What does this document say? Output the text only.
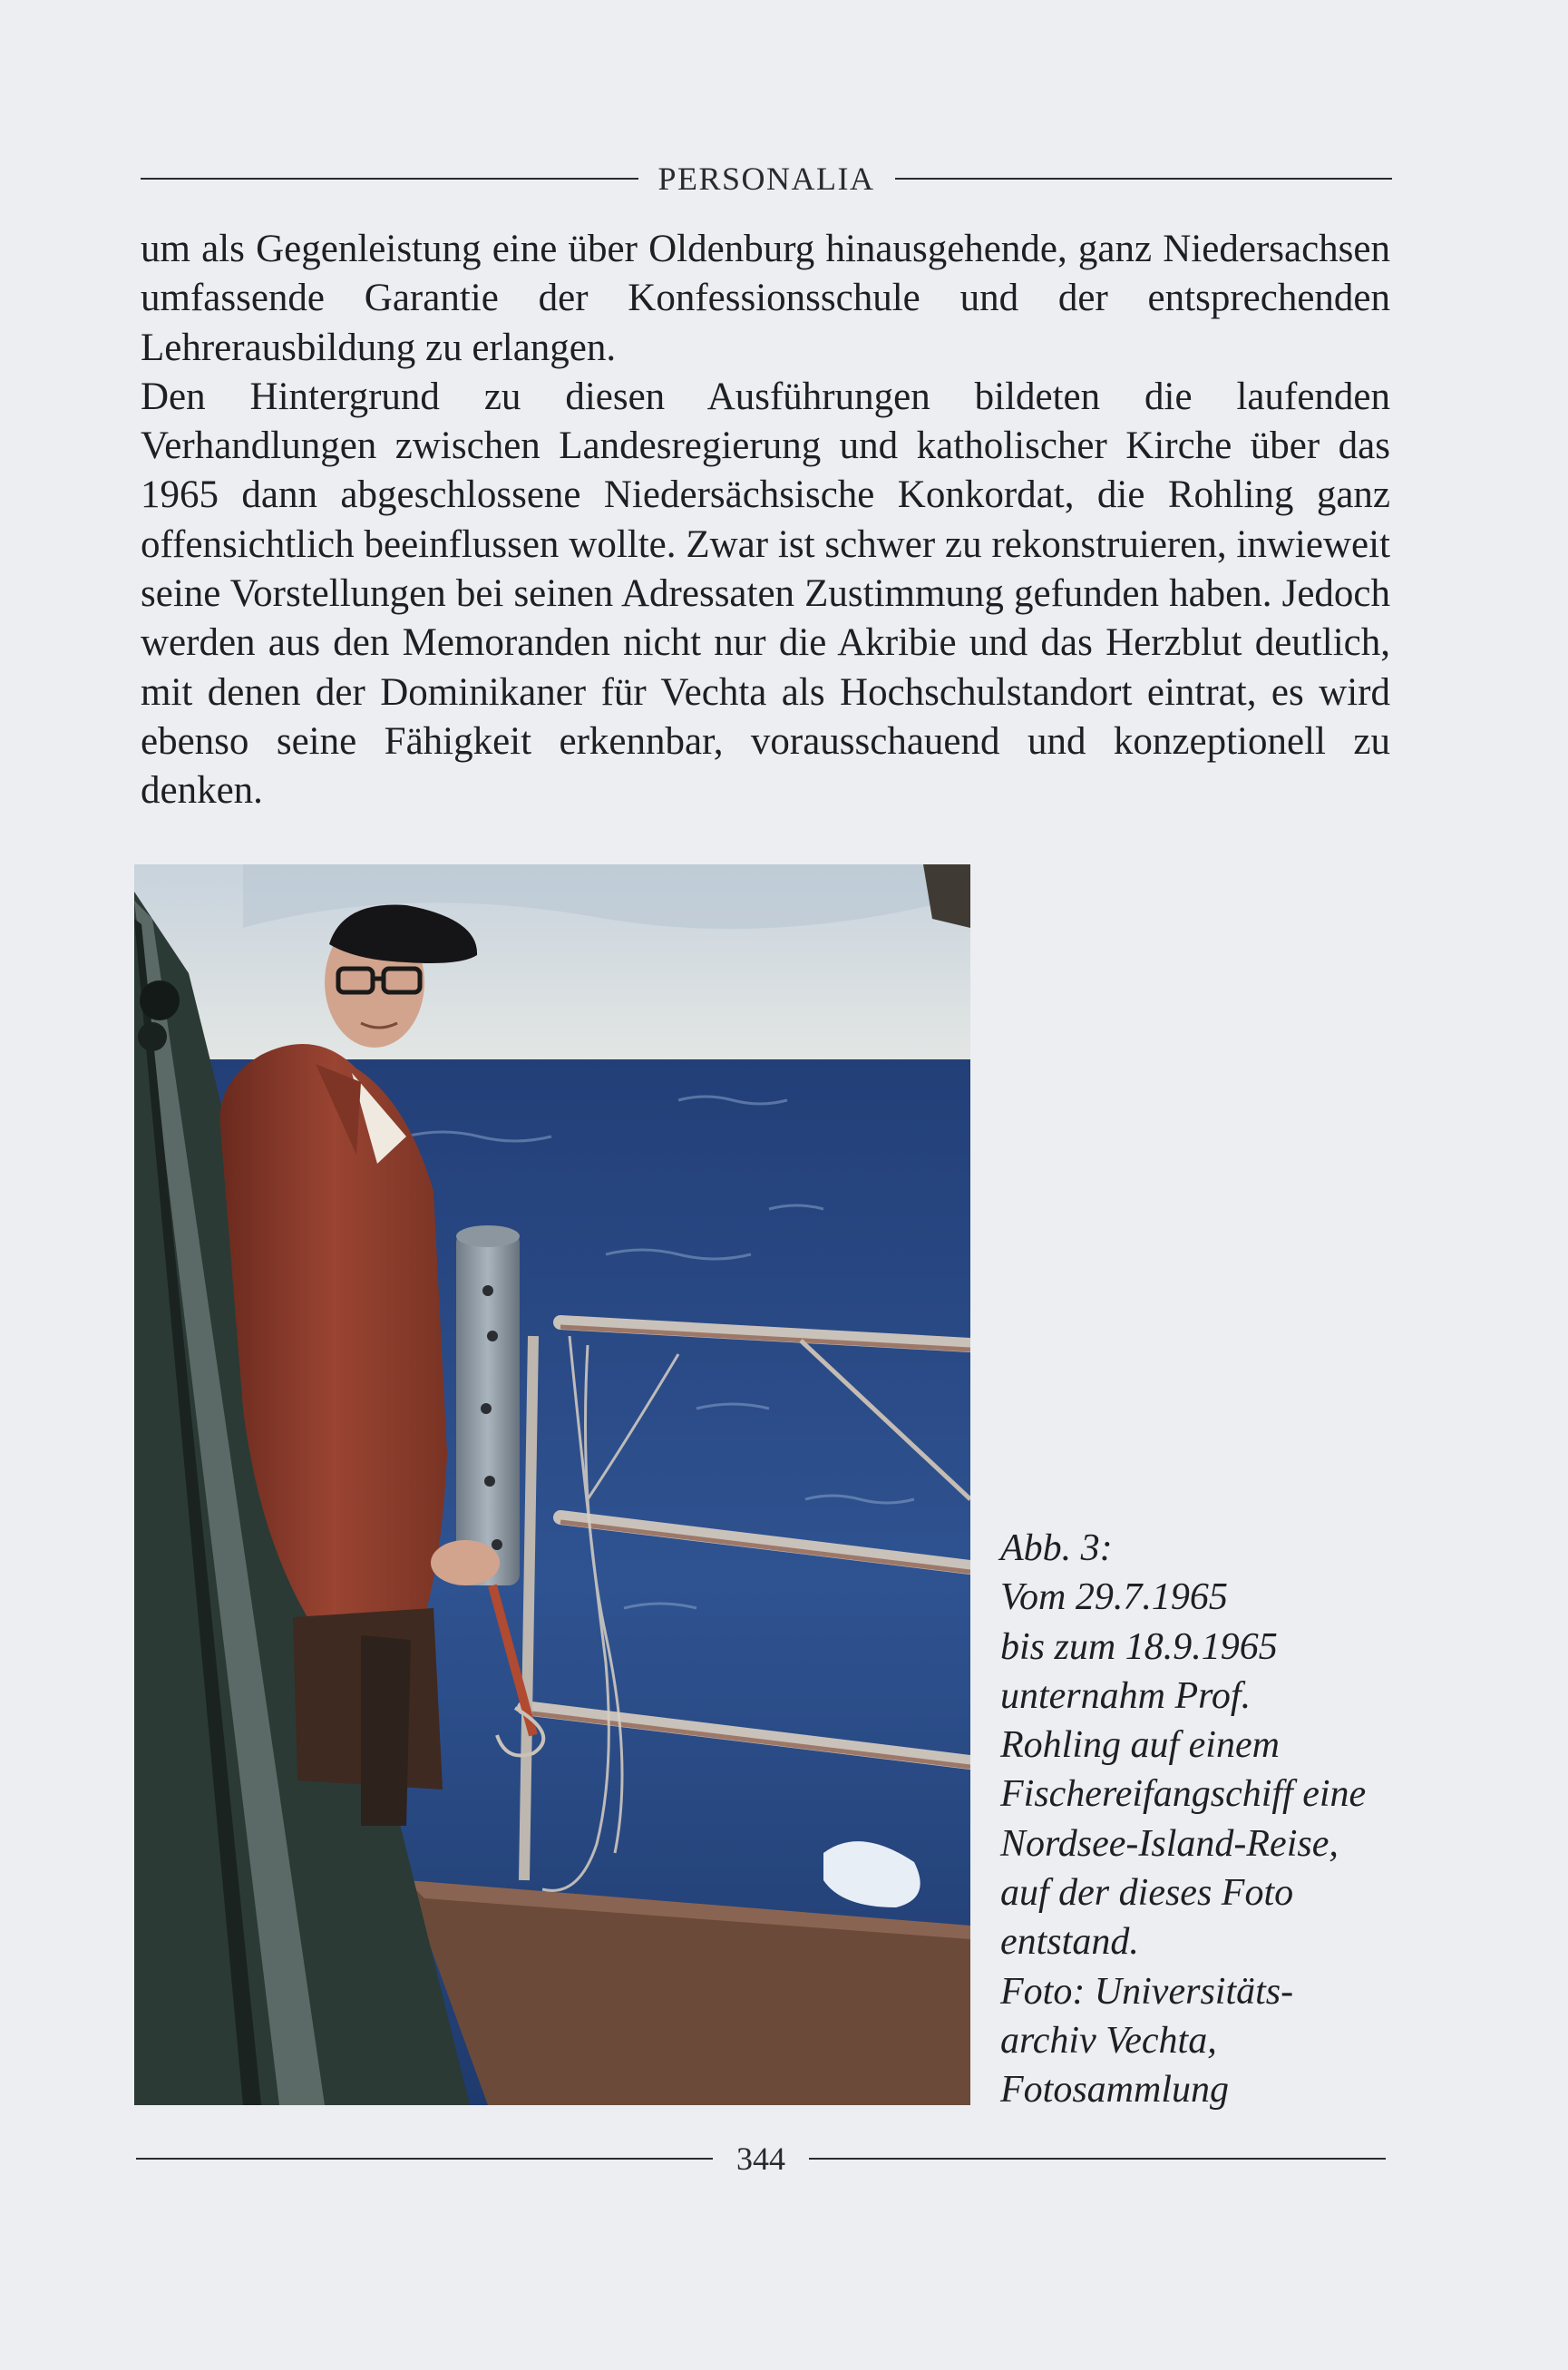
PERSONALIA

um als Gegenleistung eine über Oldenburg hinausgehende, ganz Niedersachsen umfassende Garantie der Konfessionsschule und der entsprechenden Lehrerausbildung zu erlangen.

Den Hintergrund zu diesen Ausführungen bildeten die laufenden Verhandlungen zwischen Landesregierung und katholischer Kirche über das 1965 dann abgeschlossene Niedersächsische Konkordat, die Rohling ganz offensichtlich beeinflussen wollte. Zwar ist schwer zu rekonstruieren, inwieweit seine Vorstellungen bei seinen Adressaten Zustimmung gefunden haben. Jedoch werden aus den Memoranden nicht nur die Akribie und das Herzblut deutlich, mit denen der Dominikaner für Vechta als Hochschulstandort eintrat, es wird ebenso seine Fähigkeit erkennbar, vorausschauend und konzeptionell zu denken.

Abb. 3:
Vom 29.7.1965
bis zum 18.9.1965
unternahm Prof.
Rohling auf einem
Fischereifangschiff eine
Nordsee-Island-Reise,
auf der dieses Foto
entstand.
Foto: Universitäts-
archiv Vechta,
Fotosammlung
344
